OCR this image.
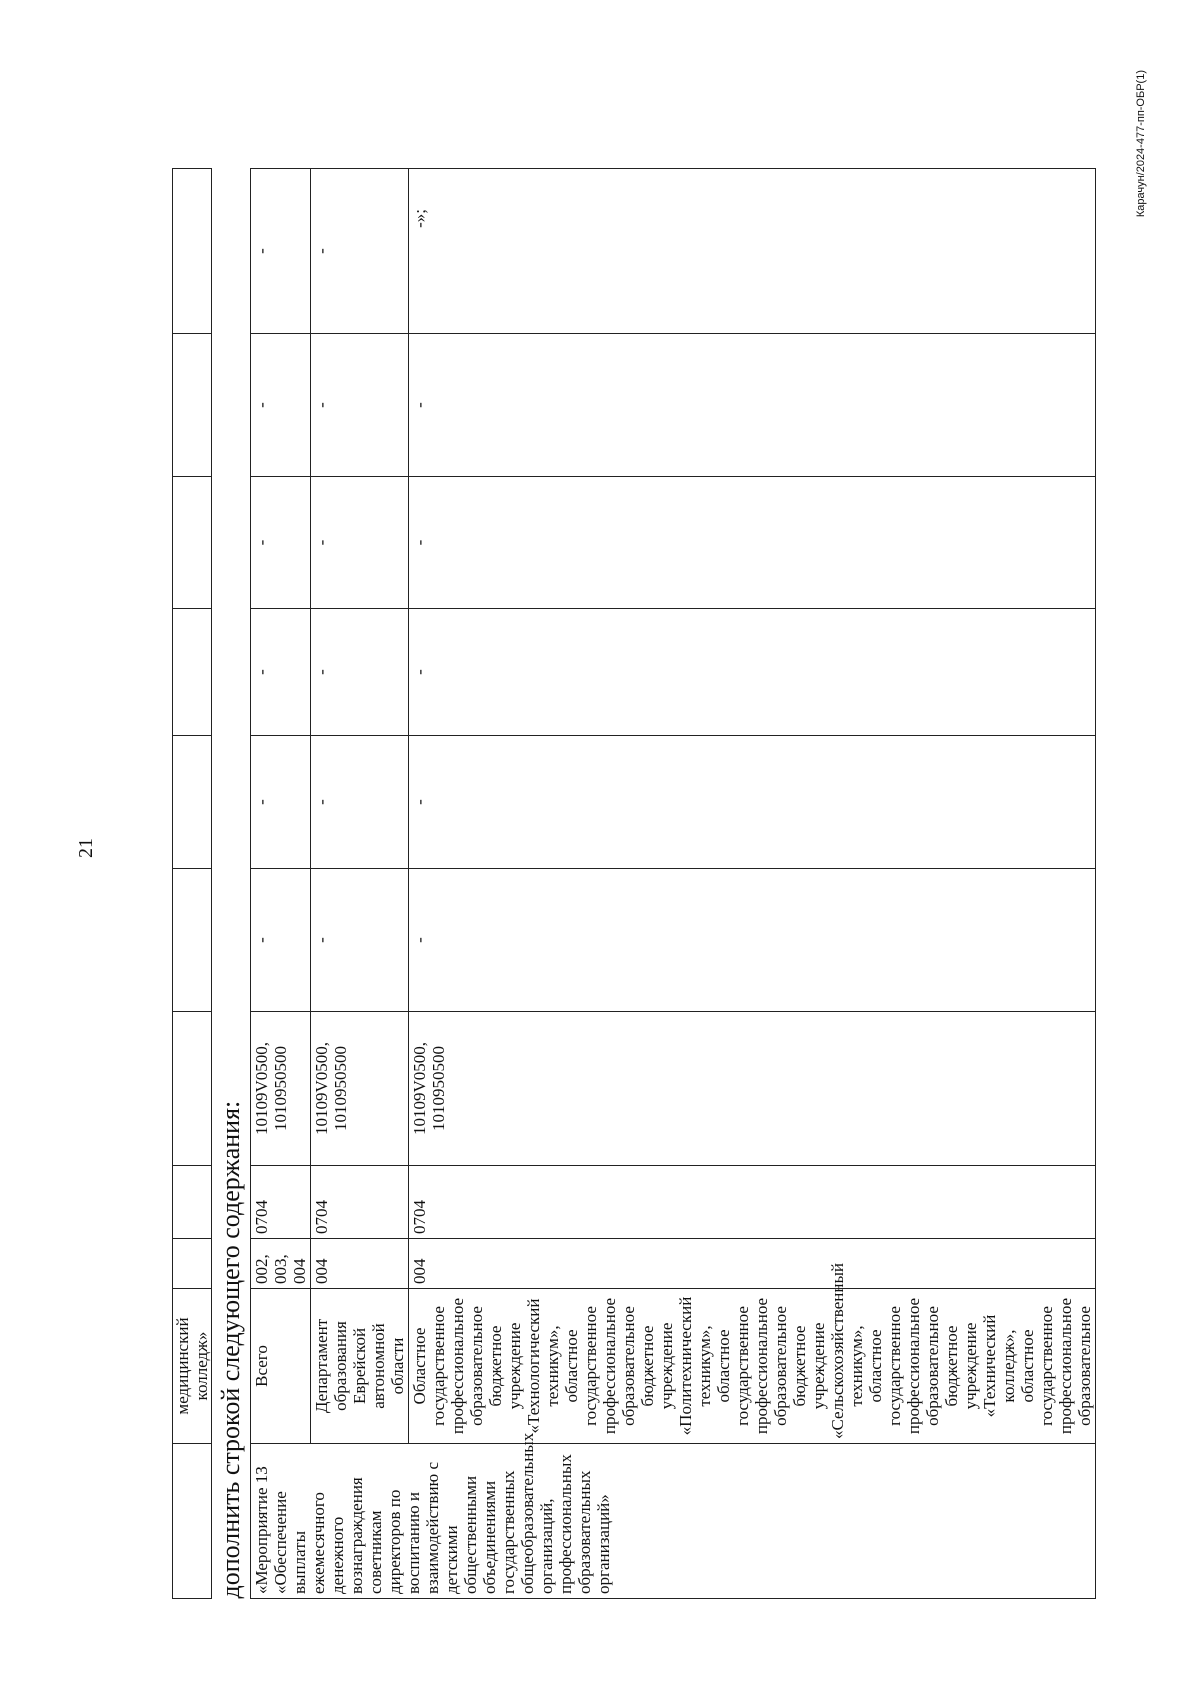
21
	медицинский колледж»									
дополнить строкой следующего содержания:										
«Мероприятие 13 «Обеспечение выплаты ежемесячного денежного вознаграждения советникам директоров по воспитанию и взаимодействию с детскими общественными объединениями государственных общеобразовательных организаций, профессиональных образовательных организаций»	Всего	002, 003, 004	0704	10109V0500, 1010950500	-	-	-	-	-	-
	Департамент образования Еврейской автономной области	004	0704	10109V0500, 1010950500	-	-	-	-	-	-
	Областное государственное профессиональное образовательное бюджетное учреждение «Технологический техникум», областное государственное профессиональное образовательное бюджетное учреждение «Политехнический техникум», областное государственное профессиональное образовательное бюджетное учреждение «Сельскохозяйственный техникум», областное государственное профессиональное образовательное бюджетное учреждение «Технический колледж», областное государственное профессиональное образовательное	004	0704	10109V0500, 1010950500	-	-	-	-	-	-»;
Карачун/2024-477-пп-ОБР(1)
